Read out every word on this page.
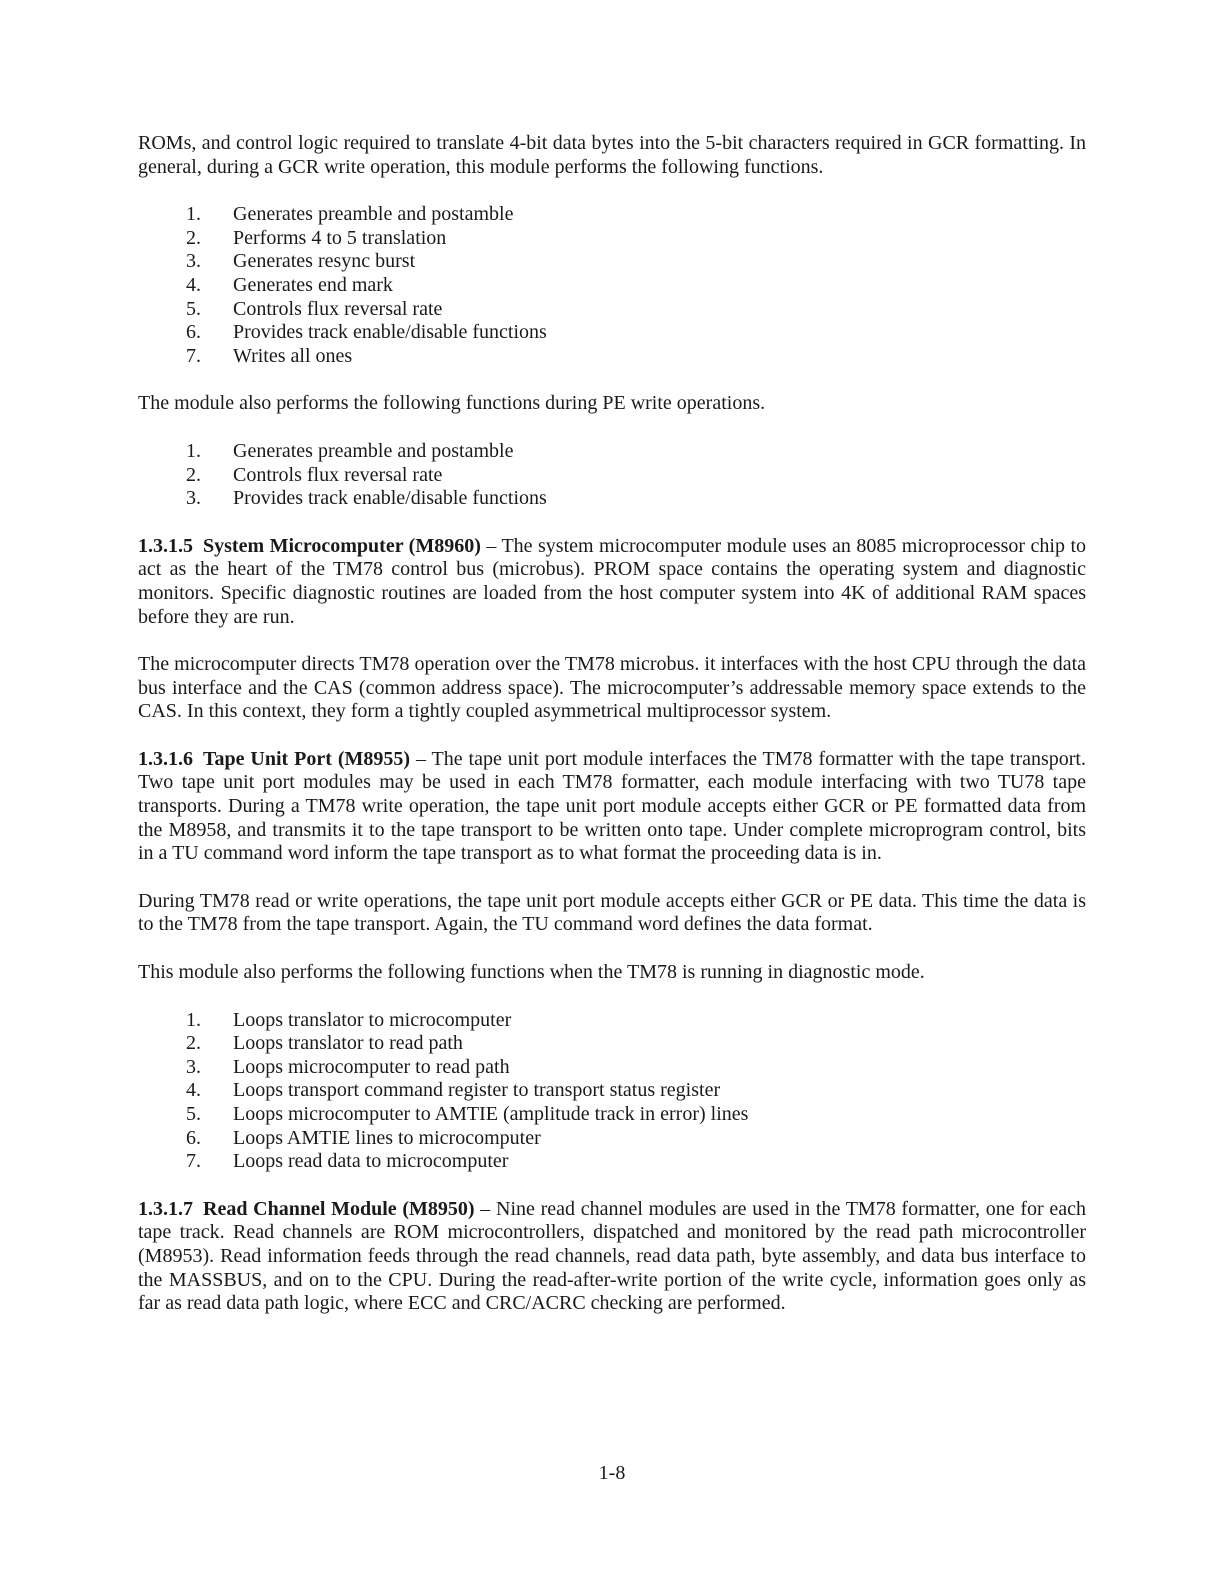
ROMs, and control logic required to translate 4-bit data bytes into the 5-bit characters required in GCR formatting. In general, during a GCR write operation, this module performs the following functions.

1.	Generates preamble and postamble
2.	Performs 4 to 5 translation
3.	Generates resync burst
4.	Generates end mark
5.	Controls flux reversal rate
6.	Provides track enable/disable functions
7.	Writes all ones

The module also performs the following functions during PE write operations.

1.	Generates preamble and postamble
2.	Controls flux reversal rate
3.	Provides track enable/disable functions

1.3.1.5 System Microcomputer (M8960) – The system microcomputer module uses an 8085 microprocessor chip to act as the heart of the TM78 control bus (microbus). PROM space contains the operating system and diagnostic monitors. Specific diagnostic routines are loaded from the host computer system into 4K of additional RAM spaces before they are run.

The microcomputer directs TM78 operation over the TM78 microbus. it interfaces with the host CPU through the data bus interface and the CAS (common address space). The microcomputer’s addressable memory space extends to the CAS. In this context, they form a tightly coupled asymmetrical multiprocessor system.

1.3.1.6 Tape Unit Port (M8955) – The tape unit port module interfaces the TM78 formatter with the tape transport. Two tape unit port modules may be used in each TM78 formatter, each module interfacing with two TU78 tape transports. During a TM78 write operation, the tape unit port module accepts either GCR or PE formatted data from the M8958, and transmits it to the tape transport to be written onto tape. Under complete microprogram control, bits in a TU command word inform the tape transport as to what format the proceeding data is in.

During TM78 read or write operations, the tape unit port module accepts either GCR or PE data. This time the data is to the TM78 from the tape transport. Again, the TU command word defines the data format.

This module also performs the following functions when the TM78 is running in diagnostic mode.

1.	Loops translator to microcomputer
2.	Loops translator to read path
3.	Loops microcomputer to read path
4.	Loops transport command register to transport status register
5.	Loops microcomputer to AMTIE (amplitude track in error) lines
6.	Loops AMTIE lines to microcomputer
7.	Loops read data to microcomputer

1.3.1.7 Read Channel Module (M8950) – Nine read channel modules are used in the TM78 formatter, one for each tape track. Read channels are ROM microcontrollers, dispatched and monitored by the read path microcontroller (M8953). Read information feeds through the read channels, read data path, byte assembly, and data bus interface to the MASSBUS, and on to the CPU. During the read-after-write portion of the write cycle, information goes only as far as read data path logic, where ECC and CRC/ACRC checking are performed.

1-8
